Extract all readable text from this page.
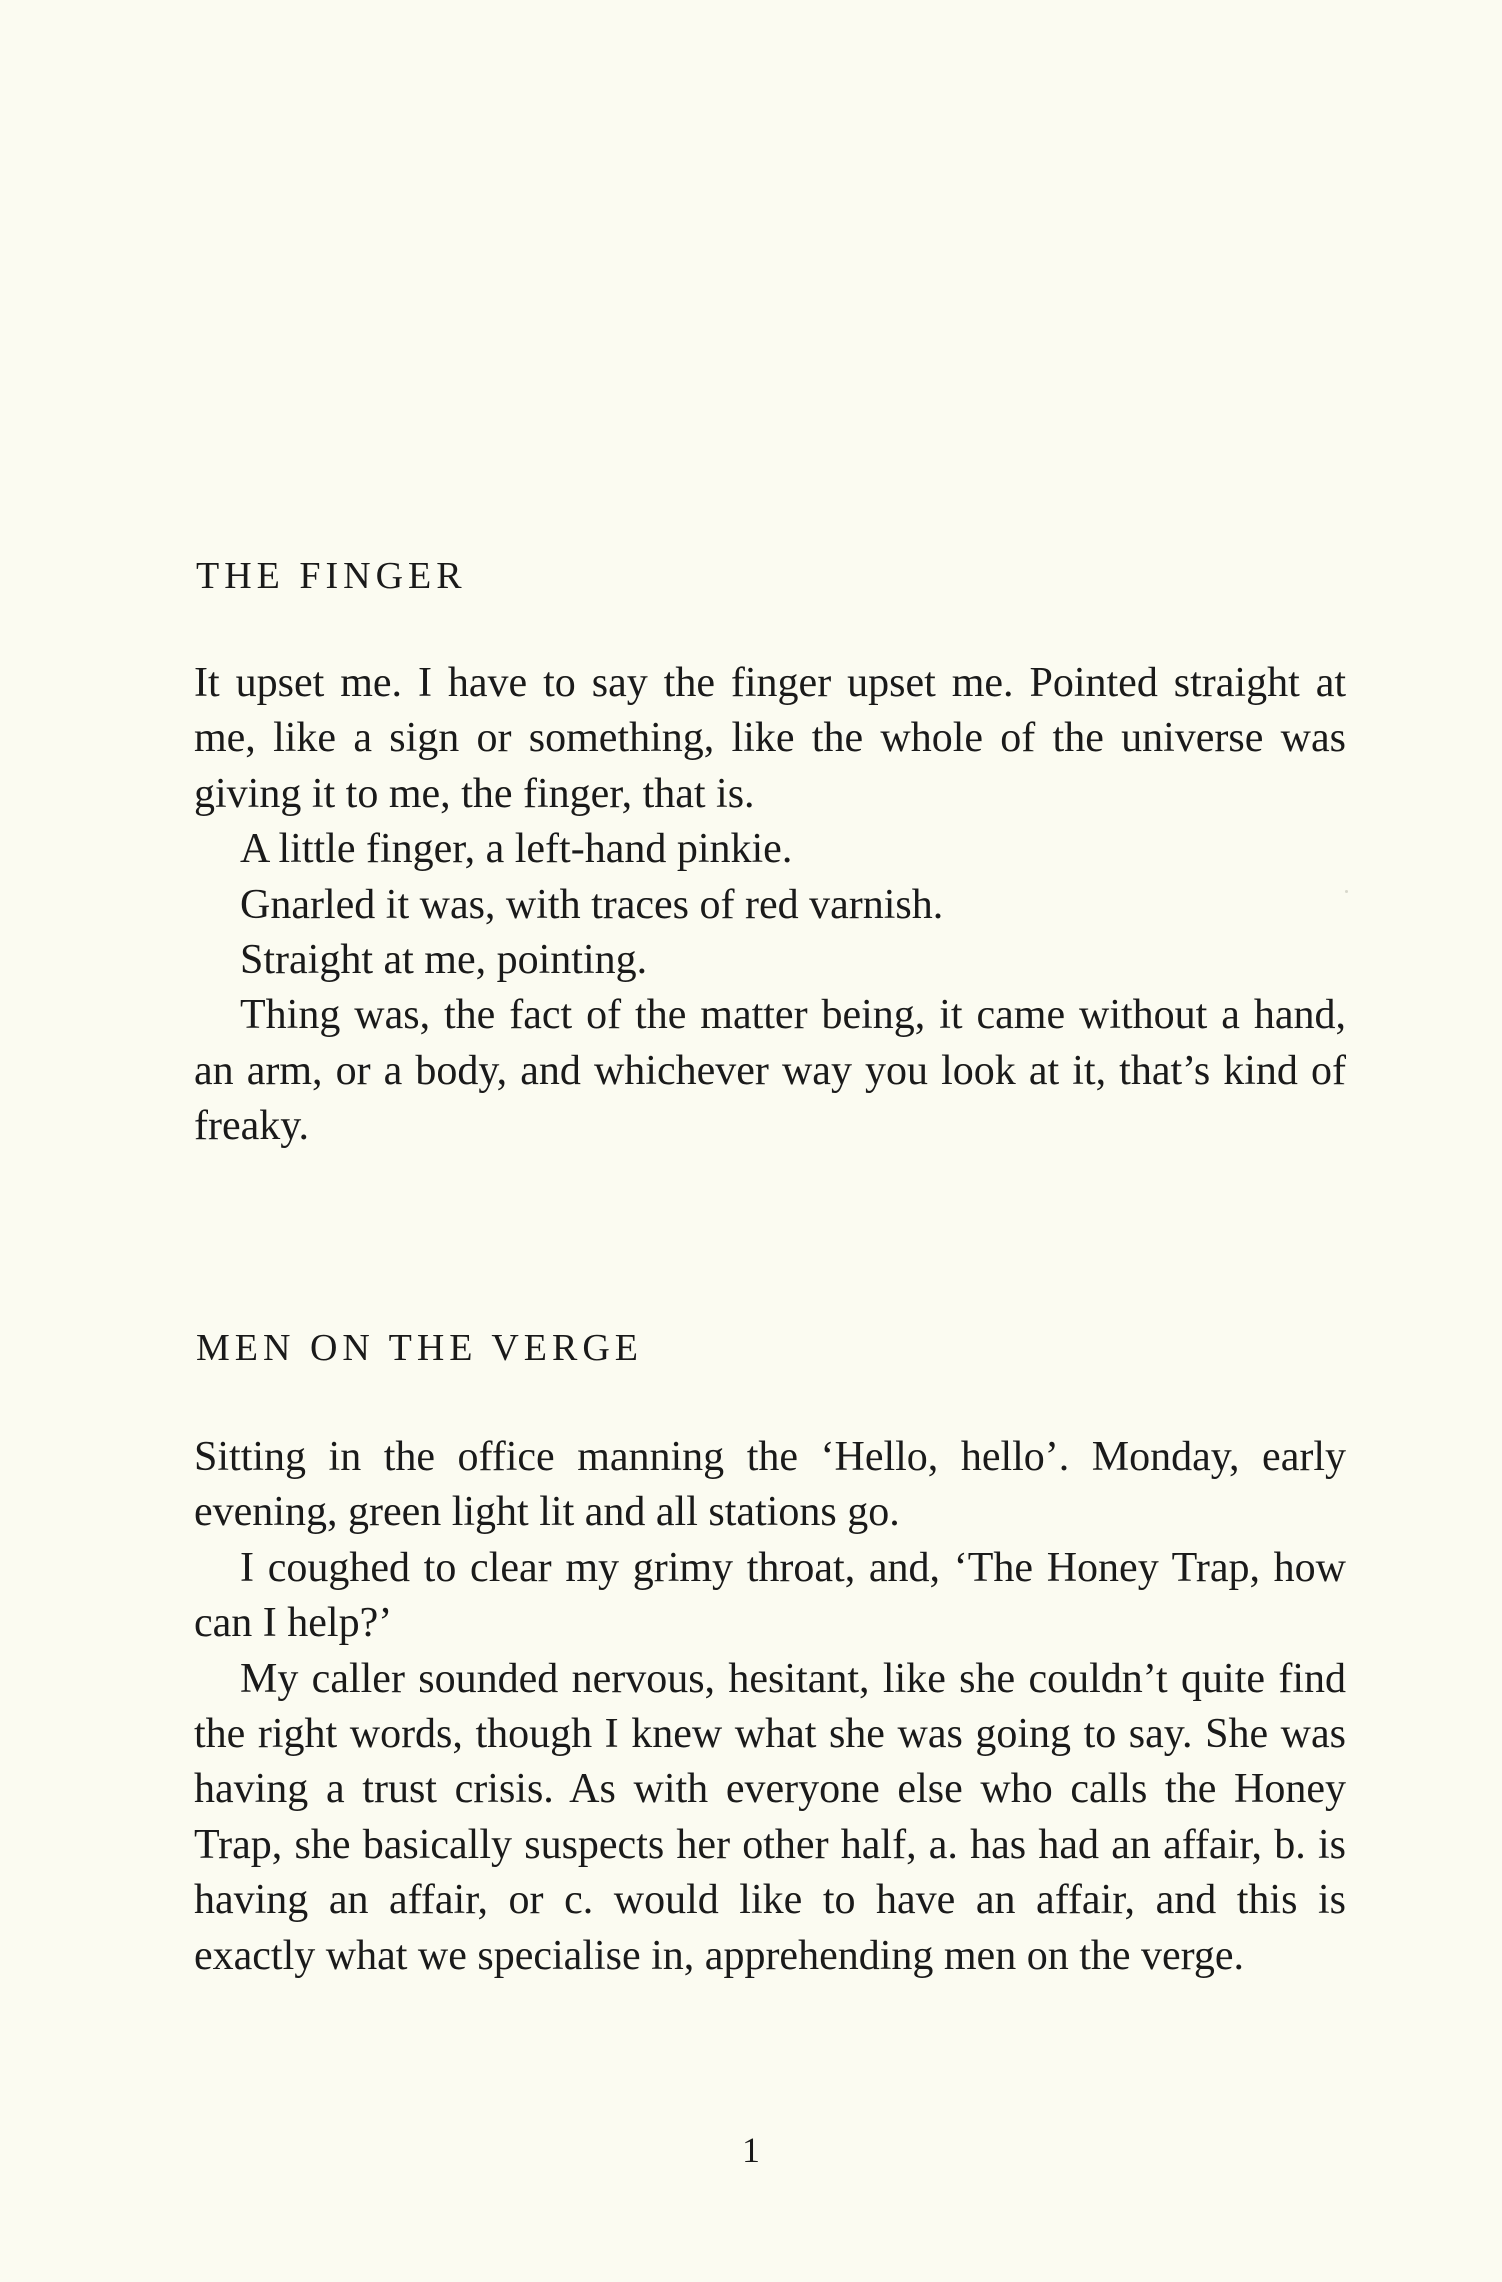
THE FINGER

It upset me. I have to say the finger upset me. Pointed straight at me, like a sign or something, like the whole of the universe was giving it to me, the finger, that is.

A little finger, a left-hand pinkie.

Gnarled it was, with traces of red varnish.

Straight at me, pointing.

Thing was, the fact of the matter being, it came without a hand, an arm, or a body, and whichever way you look at it, that’s kind of freaky.

MEN ON THE VERGE

Sitting in the office manning the ‘Hello, hello’. Monday, early evening, green light lit and all stations go.

I coughed to clear my grimy throat, and, ‘The Honey Trap, how can I help?’

My caller sounded nervous, hesitant, like she couldn’t quite find the right words, though I knew what she was going to say. She was having a trust crisis. As with everyone else who calls the Honey Trap, she basically suspects her other half, a. has had an affair, b. is having an affair, or c. would like to have an affair, and this is exactly what we specialise in, apprehending men on the verge.

1
